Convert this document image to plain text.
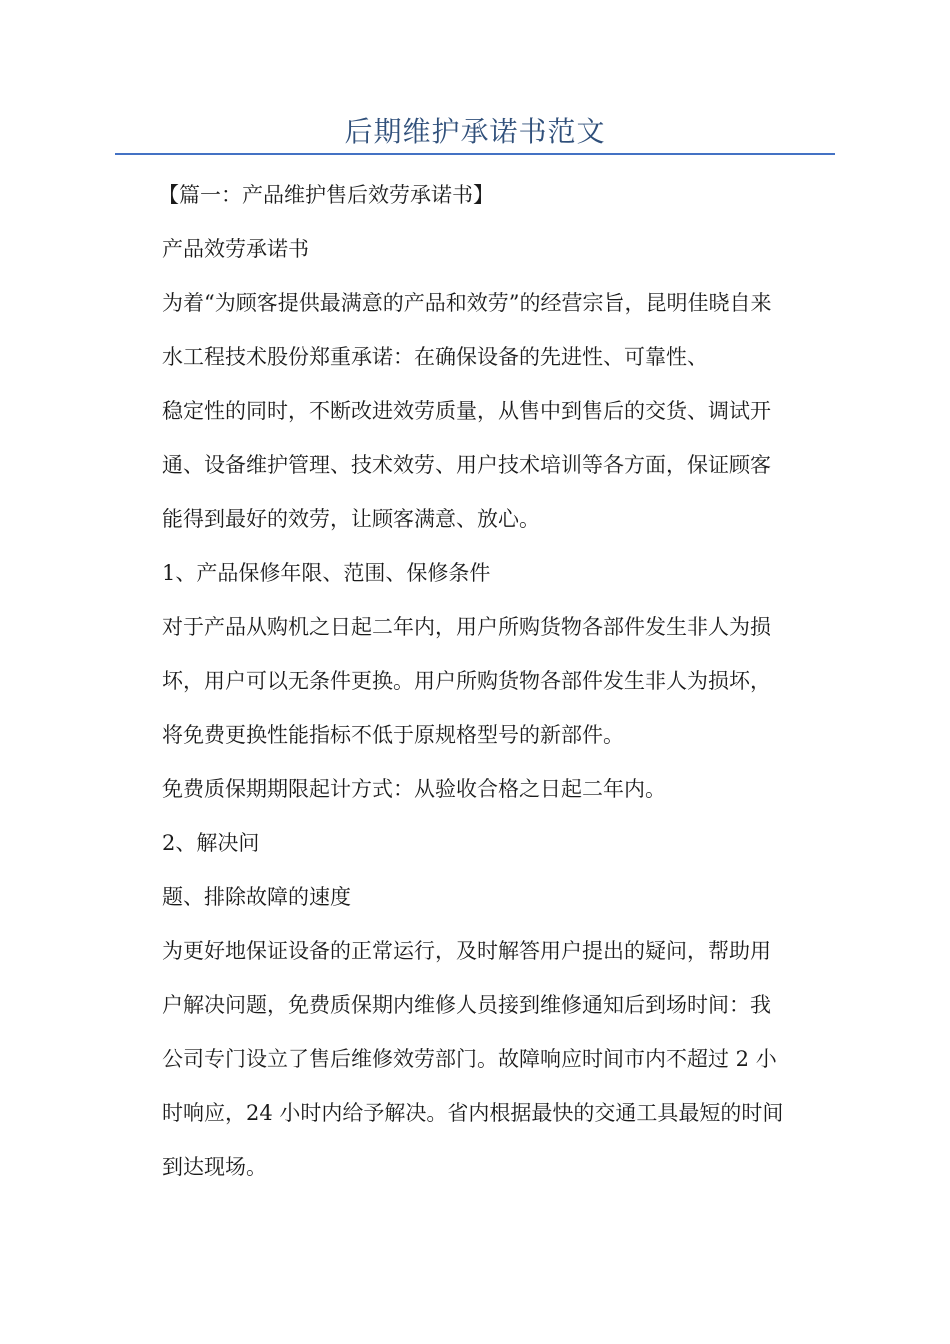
后期维护承诺书范文
【篇一：产品维护售后效劳承诺书】
产品效劳承诺书
为着“为顾客提供最满意的产品和效劳”的经营宗旨，昆明佳晓自来
水工程技术股份郑重承诺：在确保设备的先进性、可靠性、
稳定性的同时，不断改进效劳质量，从售中到售后的交货、调试开
通、设备维护管理、技术效劳、用户技术培训等各方面，保证顾客
能得到最好的效劳，让顾客满意、放心。
1、产品保修年限、范围、保修条件
对于产品从购机之日起二年内，用户所购货物各部件发生非人为损
坏，用户可以无条件更换。用户所购货物各部件发生非人为损坏，
将免费更换性能指标不低于原规格型号的新部件。
免费质保期期限起计方式：从验收合格之日起二年内。
2、解决问
题、排除故障的速度
为更好地保证设备的正常运行，及时解答用户提出的疑问，帮助用
户解决问题，免费质保期内维修人员接到维修通知后到场时间：我
公司专门设立了售后维修效劳部门。故障响应时间市内不超过 2 小
时响应，24 小时内给予解决。省内根据最快的交通工具最短的时间
到达现场。
